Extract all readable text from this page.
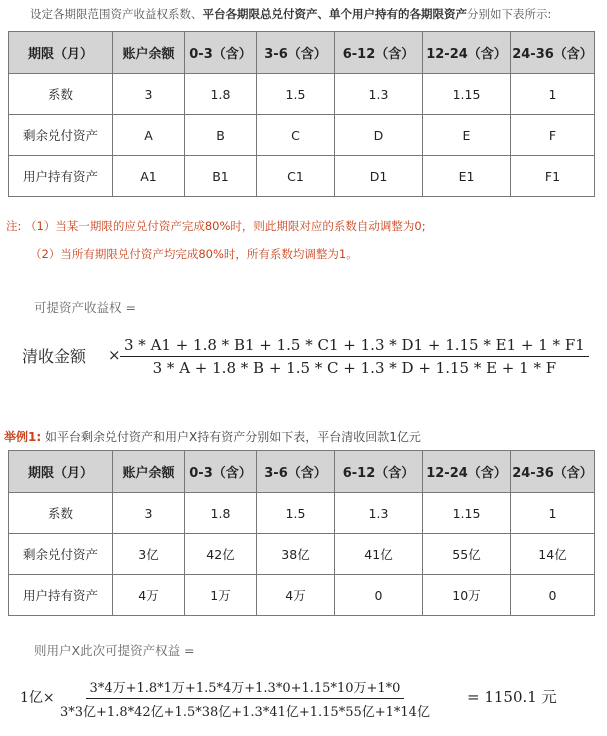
设定各期限范围资产收益权系数、平台各期限总兑付资产、单个用户持有的各期限资产分别如下表所示:
期限（月）	账户余额	0-3（含）	3-6（含）	6-12（含）	12-24（含）	24-36（含）
系数	3	1.8	1.5	1.3	1.15	1
剩余兑付资产	A	B	C	D	E	F
用户持有资产	A1	B1	C1	D1	E1	F1
注: （1）当某一期限的应兑付资产完成80%时，则此期限对应的系数自动调整为0;
（2）当所有期限兑付资产均完成80%时，所有系数均调整为1。
可提资产收益权 =
清收金额 × $\frac{3 * A1 + 1.8 * B1 + 1.5 * C1 + 1.3 * D1 + 1.15 * E1 + 1 * F1}{3 * A + 1.8 * B + 1.5 * C + 1.3 * D + 1.15 * E + 1 * F}$
举例1: 如平台剩余兑付资产和用户X持有资产分别如下表，平台清收回款1亿元
期限（月）	账户余额	0-3（含）	3-6（含）	6-12（含）	12-24（含）	24-36（含）
系数	3	1.8	1.5	1.3	1.15	1
剩余兑付资产	3亿	42亿	38亿	41亿	55亿	14亿
用户持有资产	4万	1万	4万	0	10万	0
则用户X此次可提资产权益 =
1亿×
3*4万+1.8*1万+1.5*4万+1.3*0+1.15*10万+1*0
3*3亿+1.8*42亿+1.5*38亿+1.3*41亿+1.15*55亿+1*14亿
= 1150.1 元
